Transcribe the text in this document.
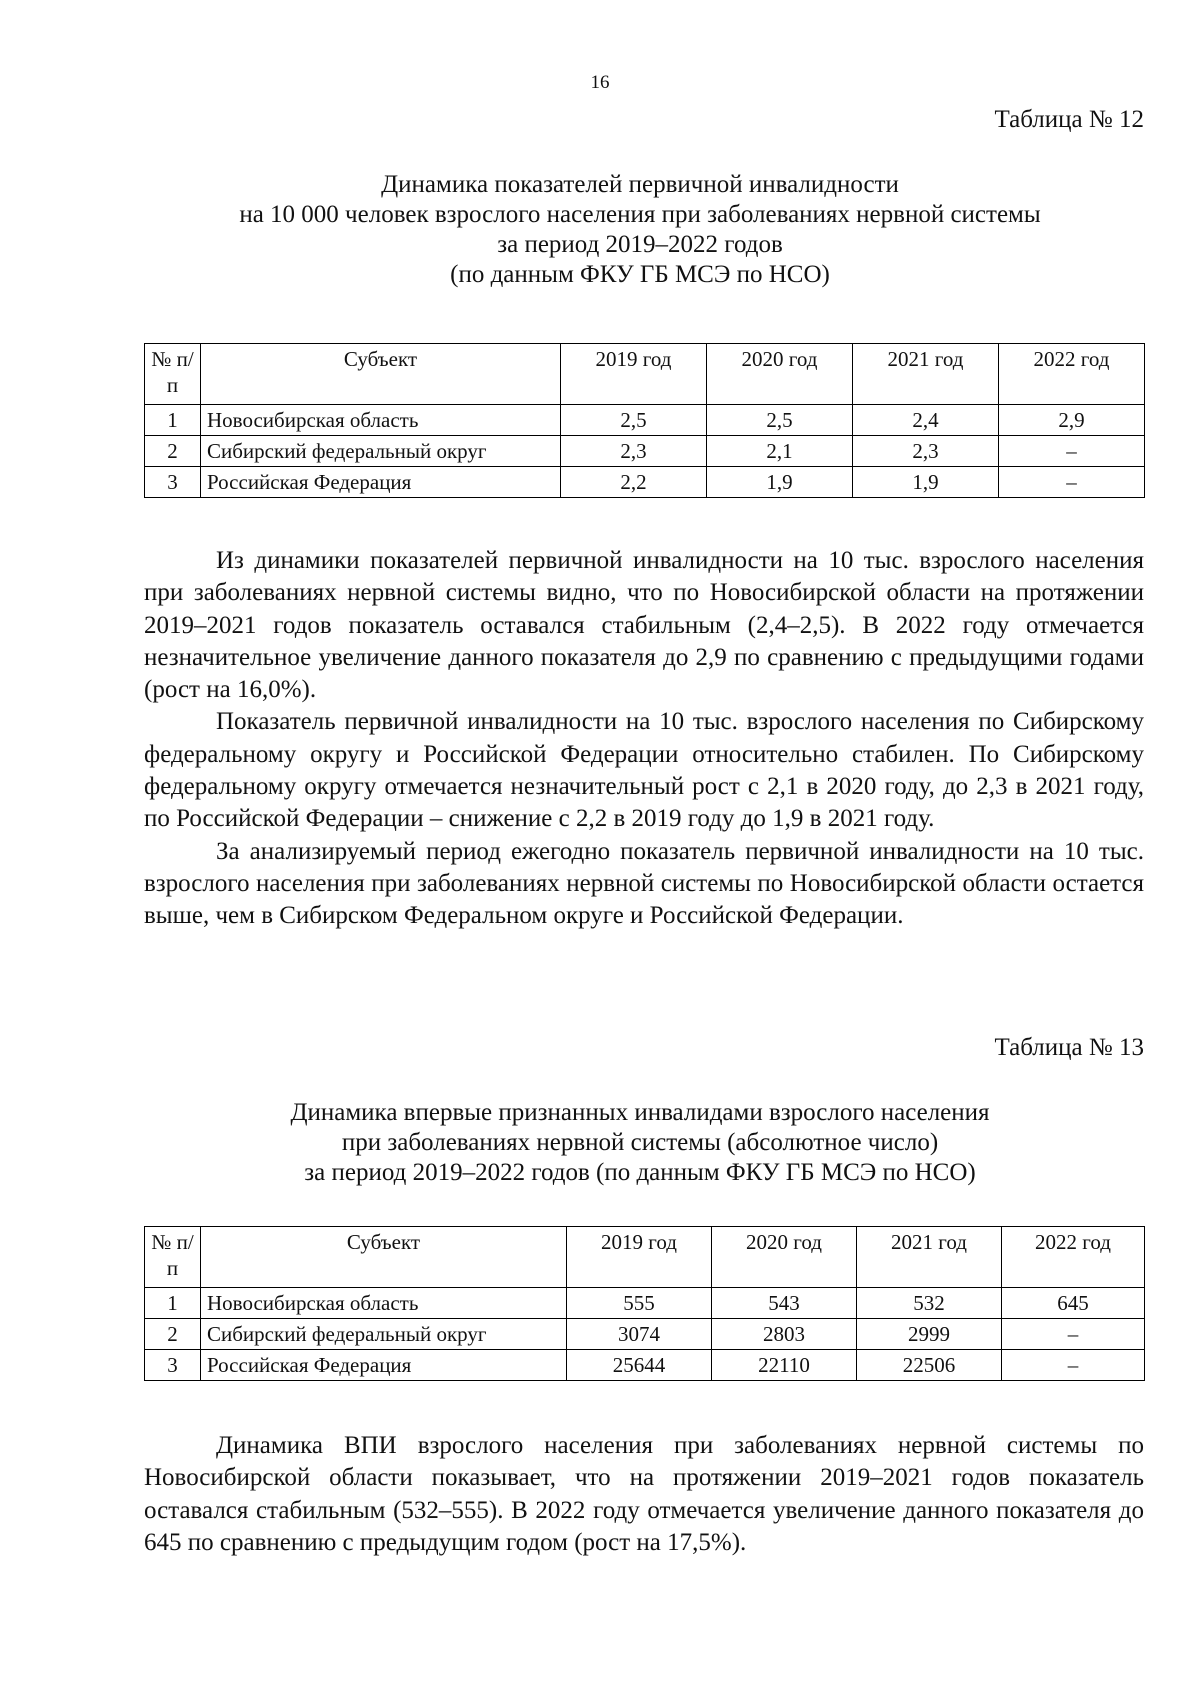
16
Таблица № 12
Динамика показателей первичной инвалидности
на 10 000 человек взрослого населения при заболеваниях нервной системы
за период 2019–2022 годов
(по данным ФКУ ГБ МСЭ по НСО)
№ п/п	Субъект	2019 год	2020 год	2021 год	2022 год
1	Новосибирская область	2,5	2,5	2,4	2,9
2	Сибирский федеральный округ	2,3	2,1	2,3	–
3	Российская Федерация	2,2	1,9	1,9	–

Из динамики показателей первичной инвалидности на 10 тыс. взрослого населения при заболеваниях нервной системы видно, что по Новосибирской области на протяжении 2019–2021 годов показатель оставался стабильным (2,4–2,5). В 2022 году отмечается незначительное увеличение данного показателя до 2,9 по сравнению с предыдущими годами (рост на 16,0%).

Показатель первичной инвалидности на 10 тыс. взрослого населения по Сибирскому федеральному округу и Российской Федерации относительно стабилен. По Сибирскому федеральному округу отмечается незначительный рост с 2,1 в 2020 году, до 2,3 в 2021 году, по Российской Федерации – снижение с 2,2 в 2019 году до 1,9 в 2021 году.

За анализируемый период ежегодно показатель первичной инвалидности на 10 тыс. взрослого населения при заболеваниях нервной системы по Новосибирской области остается выше, чем в Сибирском Федеральном округе и Российской Федерации.

Таблица № 13
Динамика впервые признанных инвалидами взрослого населения
при заболеваниях нервной системы (абсолютное число)
за период 2019–2022 годов (по данным ФКУ ГБ МСЭ по НСО)
№ п/п	Субъект	2019 год	2020 год	2021 год	2022 год
1	Новосибирская область	555	543	532	645
2	Сибирский федеральный округ	3074	2803	2999	–
3	Российская Федерация	25644	22110	22506	–

Динамика ВПИ взрослого населения при заболеваниях нервной системы по Новосибирской области показывает, что на протяжении 2019–2021 годов показатель оставался стабильным (532–555). В 2022 году отмечается увеличение данного показателя до 645 по сравнению с предыдущим годом (рост на 17,5%).
